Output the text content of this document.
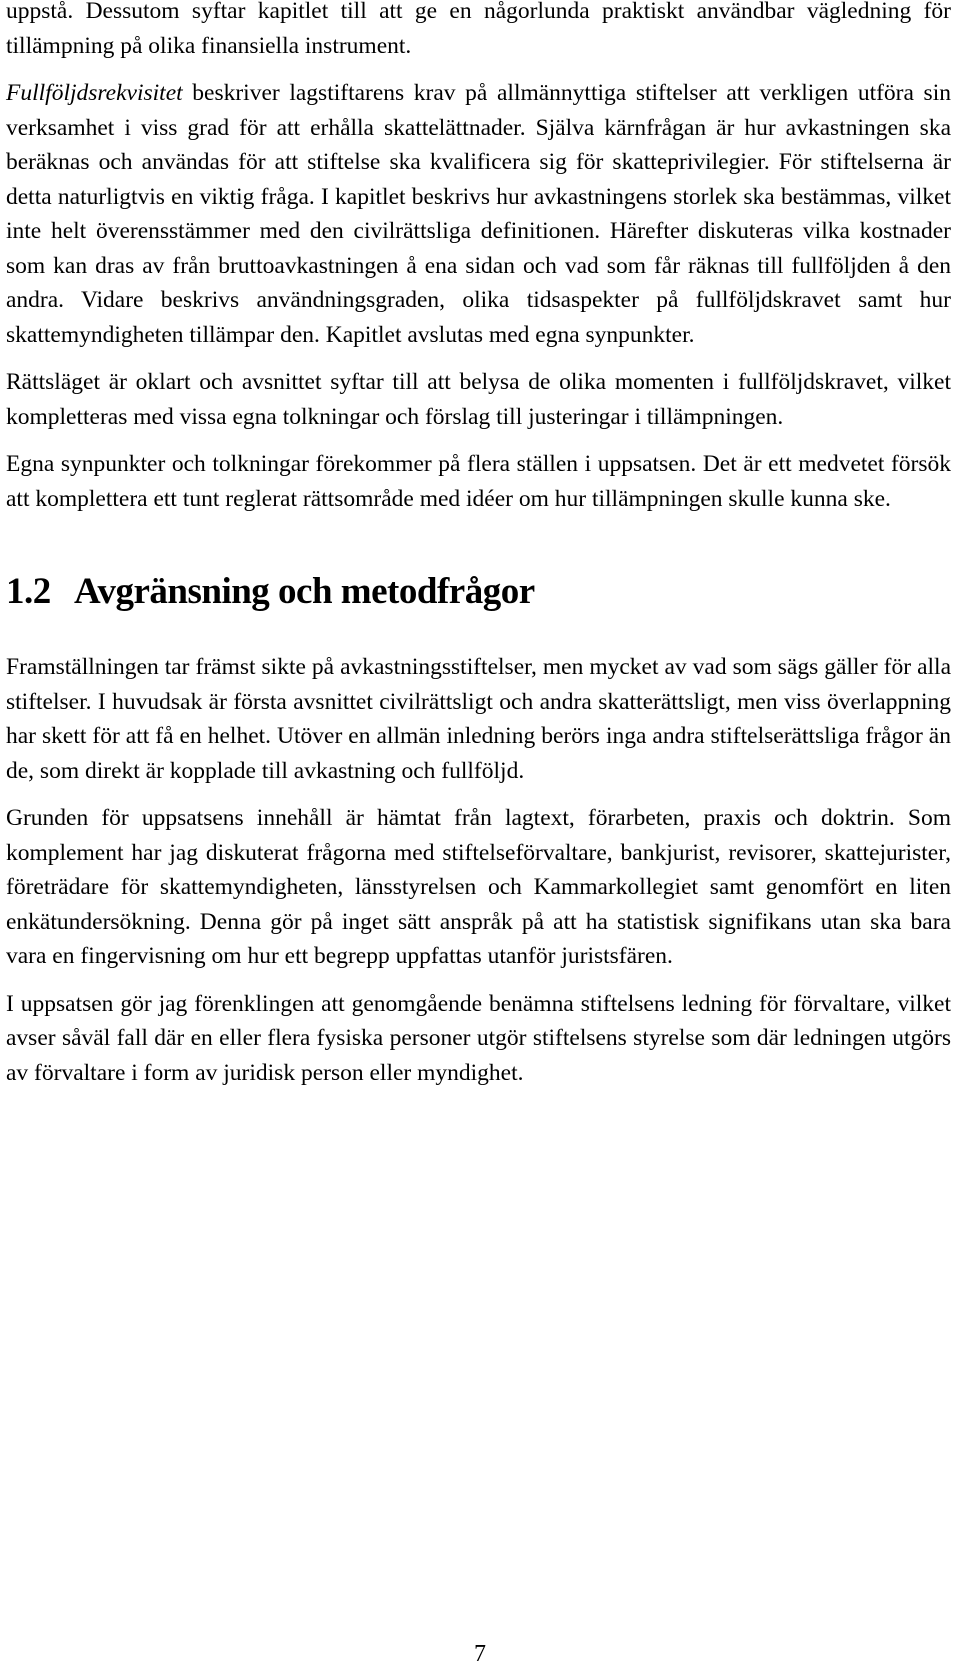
uppstå. Dessutom syftar kapitlet till att ge en någorlunda praktiskt användbar vägledning för tillämpning på olika finansiella instrument.

Fullföljdsrekvisitet beskriver lagstiftarens krav på allmännyttiga stiftelser att verkligen utföra sin verksamhet i viss grad för att erhålla skattelättnader. Själva kärnfrågan är hur avkastningen ska beräknas och användas för att stiftelse ska kvalificera sig för skatteprivilegier. För stiftelserna är detta naturligtvis en viktig fråga. I kapitlet beskrivs hur avkastningens storlek ska bestämmas, vilket inte helt överensstämmer med den civilrättsliga definitionen. Härefter diskuteras vilka kostnader som kan dras av från bruttoavkastningen å ena sidan och vad som får räknas till fullföljden å den andra. Vidare beskrivs användningsgraden, olika tidsaspekter på fullföljdskravet samt hur skattemyndigheten tillämpar den. Kapitlet avslutas med egna synpunkter.

Rättsläget är oklart och avsnittet syftar till att belysa de olika momenten i fullföljdskravet, vilket kompletteras med vissa egna tolkningar och förslag till justeringar i tillämpningen.

Egna synpunkter och tolkningar förekommer på flera ställen i uppsatsen. Det är ett medvetet försök att komplettera ett tunt reglerat rättsområde med idéer om hur tillämpningen skulle kunna ske.

1.2 Avgränsning och metodfrågor

Framställningen tar främst sikte på avkastningsstiftelser, men mycket av vad som sägs gäller för alla stiftelser. I huvudsak är första avsnittet civilrättsligt och andra skatterättsligt, men viss överlappning har skett för att få en helhet. Utöver en allmän inledning berörs inga andra stiftelserättsliga frågor än de, som direkt är kopplade till avkastning och fullföljd.

Grunden för uppsatsens innehåll är hämtat från lagtext, förarbeten, praxis och doktrin. Som komplement har jag diskuterat frågorna med stiftelseförvaltare, bankjurist, revisorer, skattejurister, företrädare för skattemyndigheten, länsstyrelsen och Kammarkollegiet samt genomfört en liten enkätundersökning. Denna gör på inget sätt anspråk på att ha statistisk signifikans utan ska bara vara en fingervisning om hur ett begrepp uppfattas utanför juristsfären.

I uppsatsen gör jag förenklingen att genomgående benämna stiftelsens ledning för förvaltare, vilket avser såväl fall där en eller flera fysiska personer utgör stiftelsens styrelse som där ledningen utgörs av förvaltare i form av juridisk person eller myndighet.

7
